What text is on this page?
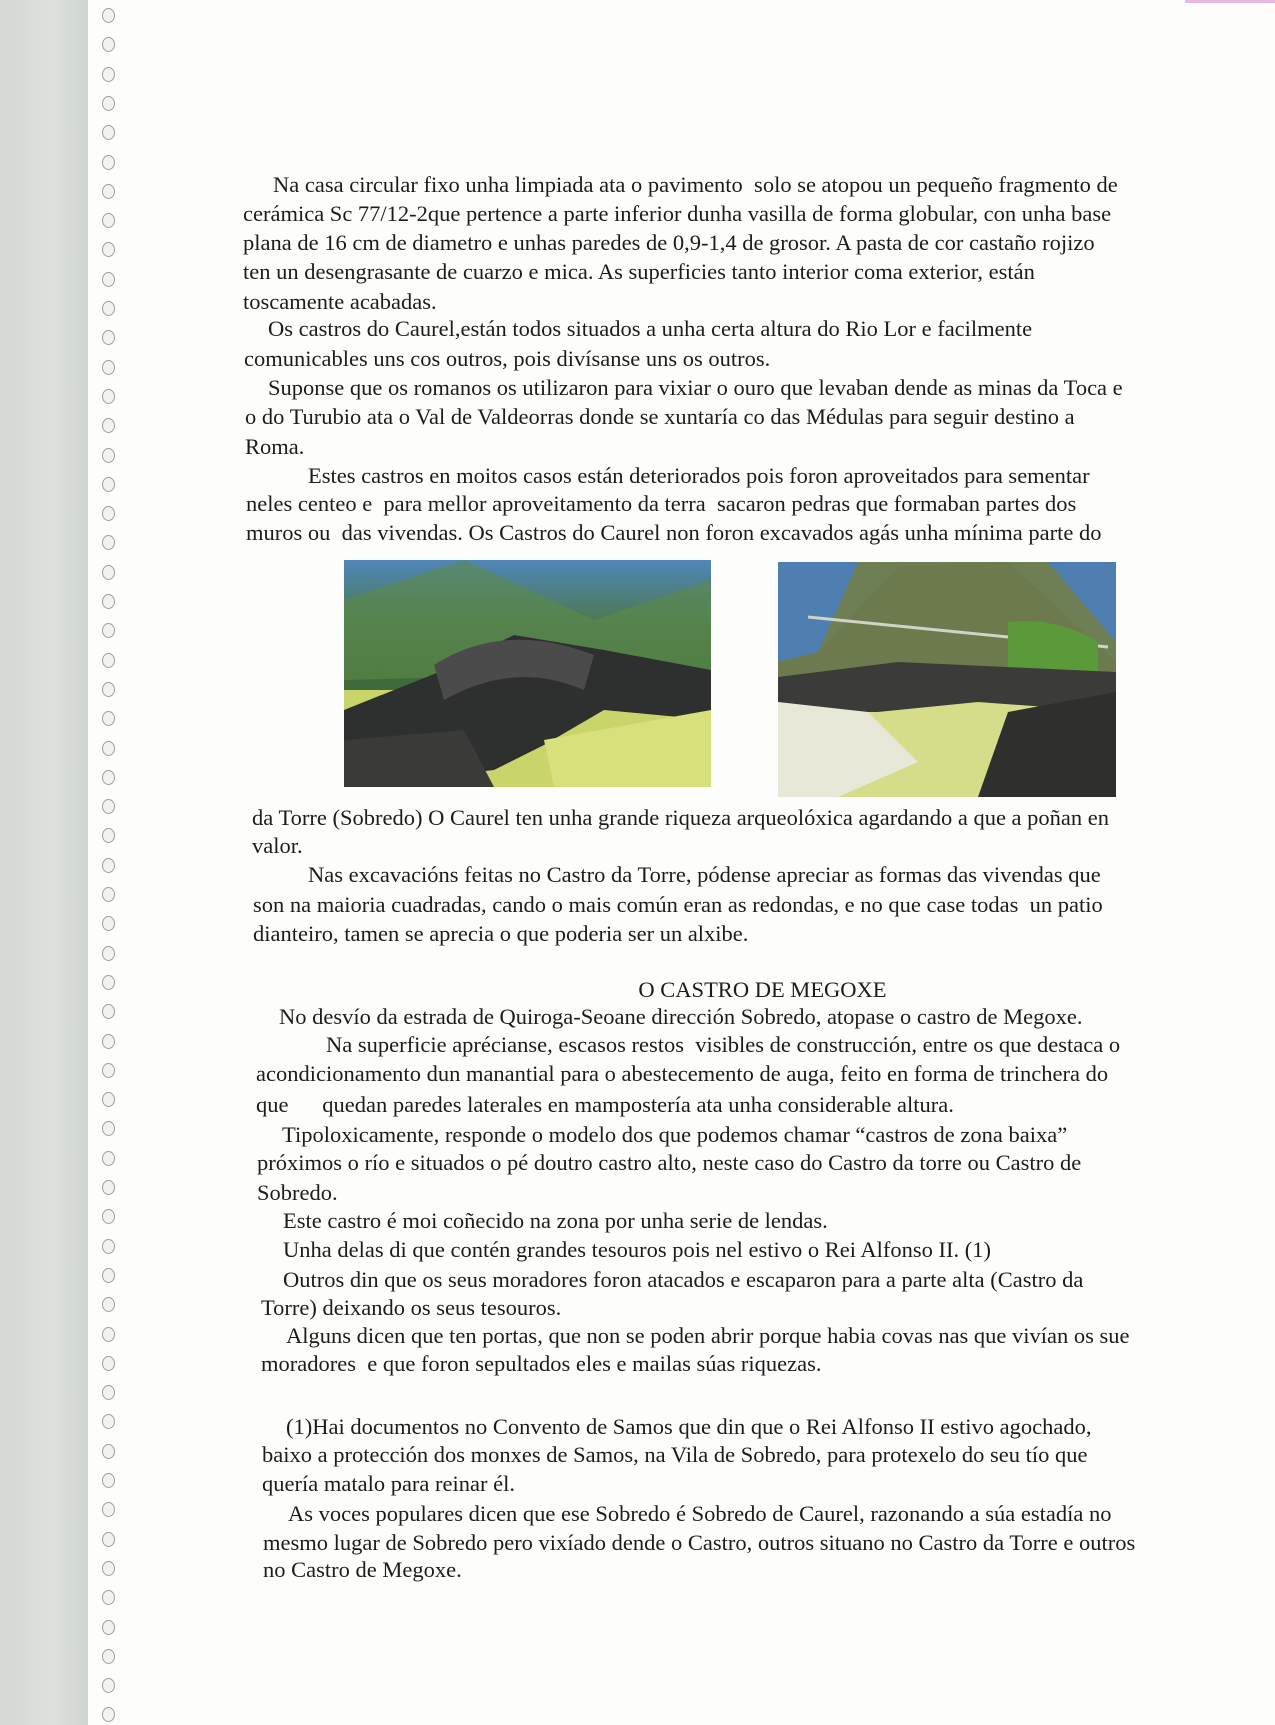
Na casa circular fixo unha limpiada ata o pavimento  solo se atopou un pequeño fragmento de
cerámica Sc 77/12-2que pertence a parte inferior dunha vasilla de forma globular, con unha base
plana de 16 cm de diametro e unhas paredes de 0,9-1,4 de grosor. A pasta de cor castaño rojizo
ten un desengrasante de cuarzo e mica. As superficies tanto interior coma exterior, están
toscamente acabadas.
Os castros do Caurel,están todos situados a unha certa altura do Rio Lor e facilmente
comunicables uns cos outros, pois divísanse uns os outros.
Suponse que os romanos os utilizaron para vixiar o ouro que levaban dende as minas da Toca e
o do Turubio ata o Val de Valdeorras donde se xuntaría co das Médulas para seguir destino a
Roma.
Estes castros en moitos casos están deteriorados pois foron aproveitados para sementar
neles centeo e  para mellor aproveitamento da terra  sacaron pedras que formaban partes dos
muros ou  das vivendas. Os Castros do Caurel non foron excavados agás unha mínima parte do
da Torre (Sobredo) O Caurel ten unha grande riqueza arqueolóxica agardando a que a poñan en
valor.
Nas excavacións feitas no Castro da Torre, pódense apreciar as formas das vivendas que
son na maioria cuadradas, cando o mais común eran as redondas, e no que case todas  un patio
dianteiro, tamen se aprecia o que poderia ser un alxibe.
O CASTRO DE MEGOXE
No desvío da estrada de Quiroga-Seoane dirección Sobredo, atopase o castro de Megoxe.
Na superficie aprécianse, escasos restos  visibles de construcción, entre os que destaca o
acondicionamento dun manantial para o abestecemento de auga, feito en forma de trinchera do
que      quedan paredes laterales en mampostería ata unha considerable altura.
Tipoloxicamente, responde o modelo dos que podemos chamar “castros de zona baixa”
próximos o río e situados o pé doutro castro alto, neste caso do Castro da torre ou Castro de
Sobredo.
Este castro é moi coñecido na zona por unha serie de lendas.
Unha delas di que contén grandes tesouros pois nel estivo o Rei Alfonso II. (1)
Outros din que os seus moradores foron atacados e escaparon para a parte alta (Castro da
Torre) deixando os seus tesouros.
Alguns dicen que ten portas, que non se poden abrir porque habia covas nas que vivían os sue
moradores  e que foron sepultados eles e mailas súas riquezas.
(1)Hai documentos no Convento de Samos que din que o Rei Alfonso II estivo agochado,
baixo a protección dos monxes de Samos, na Vila de Sobredo, para protexelo do seu tío que
quería matalo para reinar él.
As voces populares dicen que ese Sobredo é Sobredo de Caurel, razonando a súa estadía no
mesmo lugar de Sobredo pero vixíado dende o Castro, outros situano no Castro da Torre e outros
no Castro de Megoxe.
